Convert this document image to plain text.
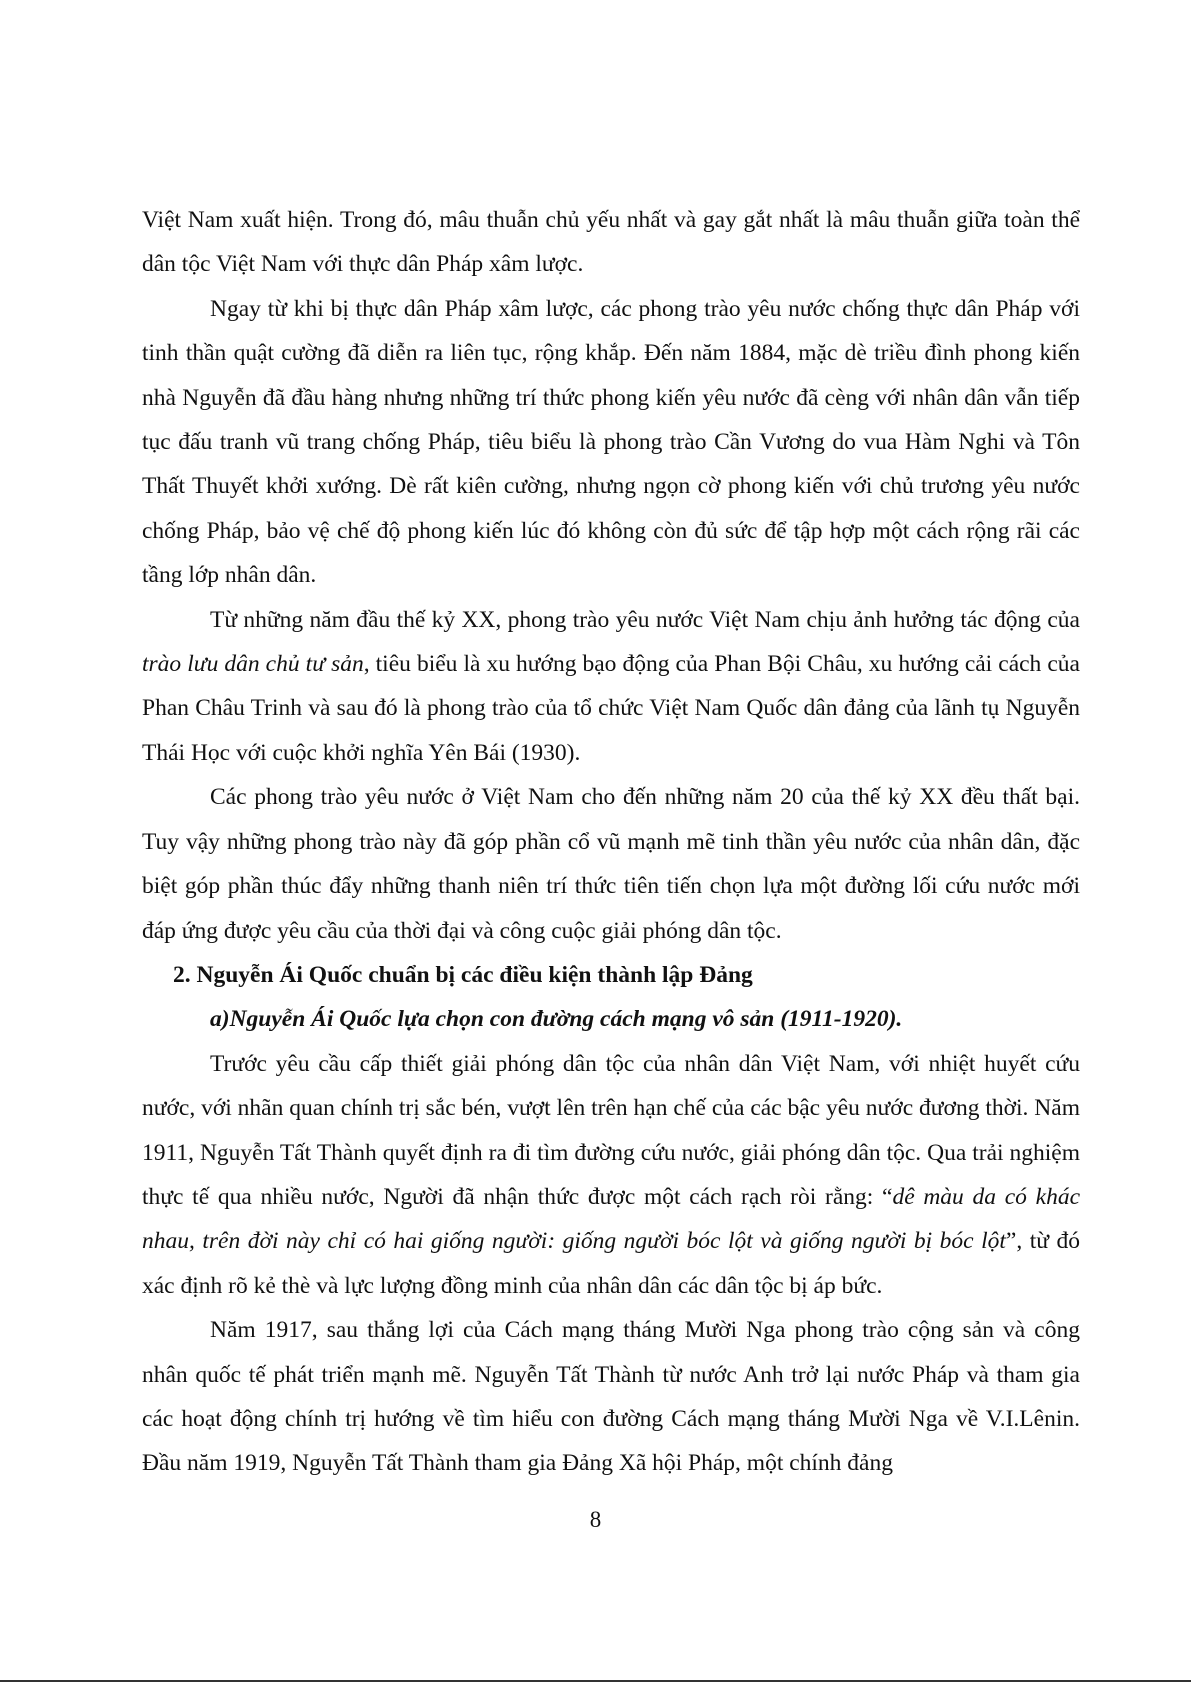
Việt Nam xuất hiện. Trong đó, mâu thuẫn chủ yếu nhất và gay gắt nhất là mâu thuẫn giữa toàn thể dân tộc Việt Nam với thực dân Pháp xâm lược.

Ngay từ khi bị thực dân Pháp xâm lược, các phong trào yêu nước chống thực dân Pháp với tinh thần quật cường đã diễn ra liên tục, rộng khắp. Đến năm 1884, mặc dè triều đình phong kiến nhà Nguyễn đã đầu hàng nhưng những trí thức phong kiến yêu nước đã cèng với nhân dân vẫn tiếp tục đấu tranh vũ trang chống Pháp, tiêu biểu là phong trào Cần Vương do vua Hàm Nghi và Tôn Thất Thuyết khởi xướng. Dè rất kiên cường, nhưng ngọn cờ phong kiến với chủ trương yêu nước chống Pháp, bảo vệ chế độ phong kiến lúc đó không còn đủ sức để tập hợp một cách rộng rãi các tầng lớp nhân dân.

Từ những năm đầu thế kỷ XX, phong trào yêu nước Việt Nam chịu ảnh hưởng tác động của trào lưu dân chủ tư sản, tiêu biểu là xu hướng bạo động của Phan Bội Châu, xu hướng cải cách của Phan Châu Trinh và sau đó là phong trào của tổ chức Việt Nam Quốc dân đảng của lãnh tụ Nguyễn Thái Học với cuộc khởi nghĩa Yên Bái (1930).

Các phong trào yêu nước ở Việt Nam cho đến những năm 20 của thế kỷ XX đều thất bại. Tuy vậy những phong trào này đã góp phần cổ vũ mạnh mẽ tinh thần yêu nước của nhân dân, đặc biệt góp phần thúc đẩy những thanh niên trí thức tiên tiến chọn lựa một đường lối cứu nước mới đáp ứng được yêu cầu của thời đại và công cuộc giải phóng dân tộc.

2. Nguyễn Ái Quốc chuẩn bị các điều kiện thành lập Đảng

a)Nguyễn Ái Quốc lựa chọn con đường cách mạng vô sản (1911-1920).

Trước yêu cầu cấp thiết giải phóng dân tộc của nhân dân Việt Nam, với nhiệt huyết cứu nước, với nhãn quan chính trị sắc bén, vượt lên trên hạn chế của các bậc yêu nước đương thời. Năm 1911, Nguyễn Tất Thành quyết định ra đi tìm đường cứu nước, giải phóng dân tộc. Qua trải nghiệm thực tế qua nhiều nước, Người đã nhận thức được một cách rạch ròi rằng: “dê màu da có khác nhau, trên đời này chỉ có hai giống người: giống người bóc lột và giống người bị bóc lột”, từ đó xác định rõ kẻ thè và lực lượng đồng minh của nhân dân các dân tộc bị áp bức.

Năm 1917, sau thắng lợi của Cách mạng tháng Mười Nga phong trào cộng sản và công nhân quốc tế phát triển mạnh mẽ. Nguyễn Tất Thành từ nước Anh trở lại nước Pháp và tham gia các hoạt động chính trị hướng về tìm hiểu con đường Cách mạng tháng Mười Nga về V.I.Lênin. Đầu năm 1919, Nguyễn Tất Thành tham gia Đảng Xã hội Pháp, một chính đảng

8
